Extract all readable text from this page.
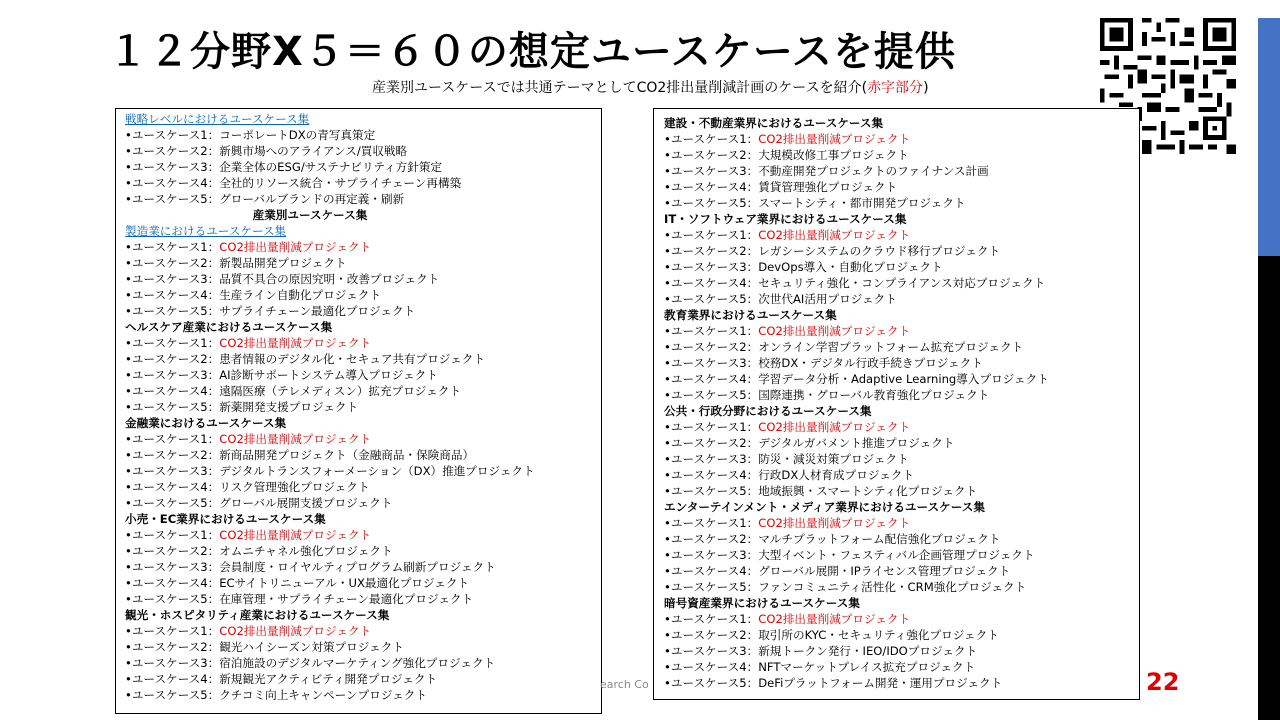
１２分野X５＝６０の想定ユースケースを提供
産業別ユースケースでは共通テーマとしてCO2排出量削減計画のケースを紹介(赤字部分)
戦略レベルにおけるユースケース集
•ユースケース1：コーポレートDXの青写真策定
•ユースケース2：新興市場へのアライアンス/買収戦略
•ユースケース3：企業全体のESG/サステナビリティ方針策定
•ユースケース4：全社的リソース統合・サプライチェーン再構築
•ユースケース5：グローバルブランドの再定義・刷新
産業別ユースケース集
製造業におけるユースケース集
•ユースケース1：CO2排出量削減プロジェクト
•ユースケース2：新製品開発プロジェクト
•ユースケース3：品質不具合の原因究明・改善プロジェクト
•ユースケース4：生産ライン自動化プロジェクト
•ユースケース5：サプライチェーン最適化プロジェクト
ヘルスケア産業におけるユースケース集
•ユースケース1：CO2排出量削減プロジェクト
•ユースケース2：患者情報のデジタル化・セキュア共有プロジェクト
•ユースケース3：AI診断サポートシステム導入プロジェクト
•ユースケース4：遠隔医療（テレメディスン）拡充プロジェクト
•ユースケース5：新薬開発支援プロジェクト
金融業におけるユースケース集
•ユースケース1：CO2排出量削減プロジェクト
•ユースケース2：新商品開発プロジェクト（金融商品・保険商品）
•ユースケース3：デジタルトランスフォーメーション（DX）推進プロジェクト
•ユースケース4：リスク管理強化プロジェクト
•ユースケース5：グローバル展開支援プロジェクト
小売・EC業界におけるユースケース集
•ユースケース1：CO2排出量削減プロジェクト
•ユースケース2：オムニチャネル強化プロジェクト
•ユースケース3：会員制度・ロイヤルティプログラム刷新プロジェクト
•ユースケース4：ECサイトリニューアル・UX最適化プロジェクト
•ユースケース5：在庫管理・サプライチェーン最適化プロジェクト
観光・ホスピタリティ産業におけるユースケース集
•ユースケース1：CO2排出量削減プロジェクト
•ユースケース2：観光ハイシーズン対策プロジェクト
•ユースケース3：宿泊施設のデジタルマーケティング強化プロジェクト
•ユースケース4：新規観光アクティビティ開発プロジェクト
•ユースケース5：クチコミ向上キャンペーンプロジェクト
建設・不動産業界におけるユースケース集
•ユースケース1：CO2排出量削減プロジェクト
•ユースケース2：大規模改修工事プロジェクト
•ユースケース3：不動産開発プロジェクトのファイナンス計画
•ユースケース4：賃貸管理強化プロジェクト
•ユースケース5：スマートシティ・都市開発プロジェクト
IT・ソフトウェア業界におけるユースケース集
•ユースケース1：CO2排出量削減プロジェクト
•ユースケース2：レガシーシステムのクラウド移行プロジェクト
•ユースケース3：DevOps導入・自動化プロジェクト
•ユースケース4：セキュリティ強化・コンプライアンス対応プロジェクト
•ユースケース5：次世代AI活用プロジェクト
教育業界におけるユースケース集
•ユースケース1：CO2排出量削減プロジェクト
•ユースケース2：オンライン学習プラットフォーム拡充プロジェクト
•ユースケース3：校務DX・デジタル行政手続きプロジェクト
•ユースケース4：学習データ分析・Adaptive Learning導入プロジェクト
•ユースケース5：国際連携・グローバル教育強化プロジェクト
公共・行政分野におけるユースケース集
•ユースケース1：CO2排出量削減プロジェクト
•ユースケース2：デジタルガバメント推進プロジェクト
•ユースケース3：防災・減災対策プロジェクト
•ユースケース4：行政DX人材育成プロジェクト
•ユースケース5：地域振興・スマートシティ化プロジェクト
エンターテインメント・メディア業界におけるユースケース集
•ユースケース1：CO2排出量削減プロジェクト
•ユースケース2：マルチプラットフォーム配信強化プロジェクト
•ユースケース3：大型イベント・フェスティバル企画管理プロジェクト
•ユースケース4：グローバル展開・IPライセンス管理プロジェクト
•ユースケース5：ファンコミュニティ活性化・CRM強化プロジェクト
暗号資産業界におけるユースケース集
•ユースケース1：CO2排出量削減プロジェクト
•ユースケース2：取引所のKYC・セキュリティ強化プロジェクト
•ユースケース3：新規トークン発行・IEO/IDOプロジェクト
•ユースケース4：NFTマーケットプレイス拡充プロジェクト
•ユースケース5：DeFiプラットフォーム開発・運用プロジェクト
earch Co	22
